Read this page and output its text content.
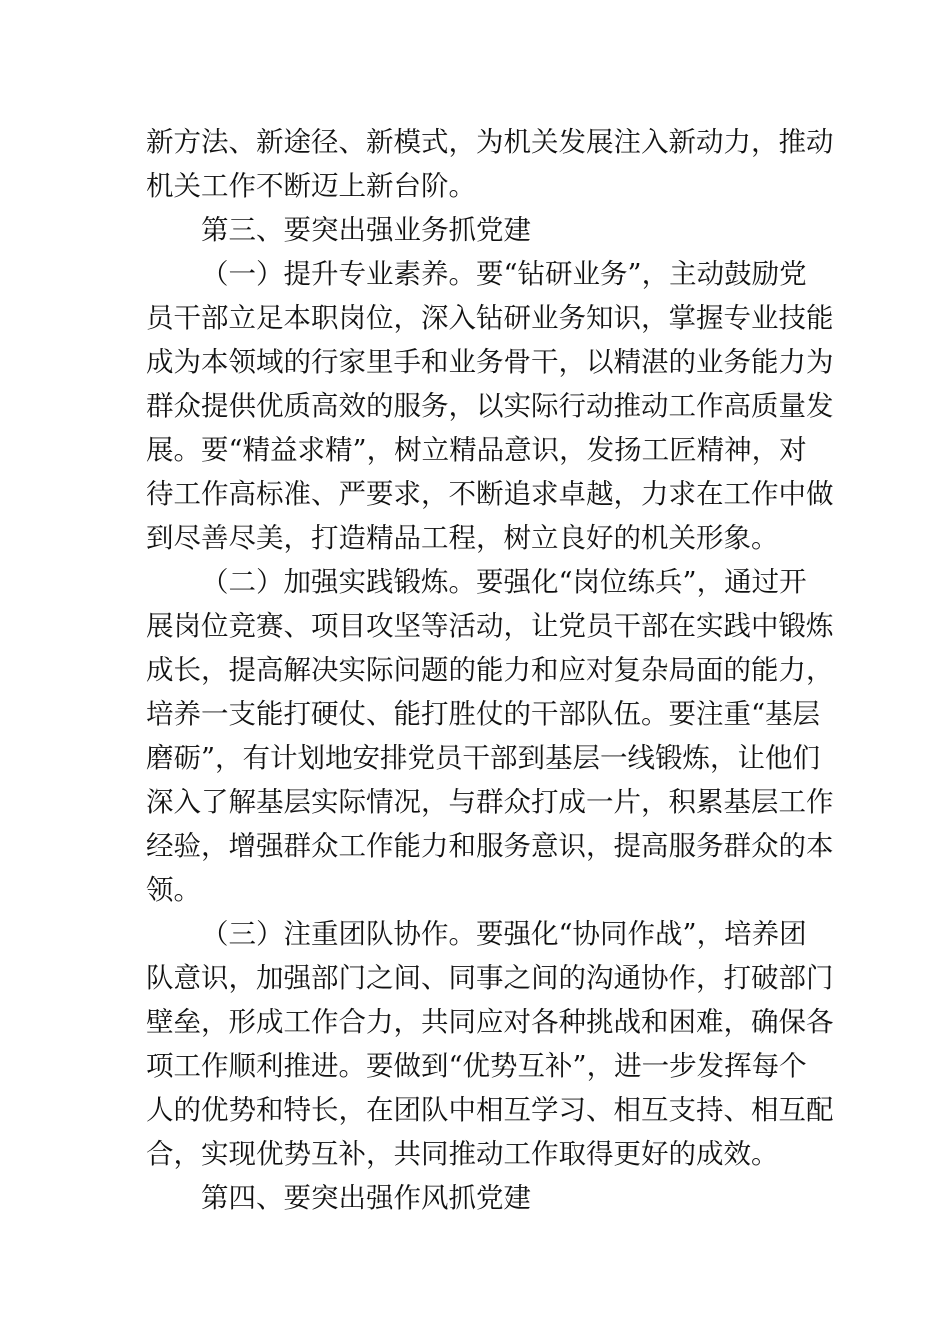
新方法、新途径、新模式，为机关发展注入新动力，推动
机关工作不断迈上新台阶。
第三、要突出强业务抓党建
（一）提升专业素养。要“钻研业务”，主动鼓励党
员干部立足本职岗位，深入钻研业务知识，掌握专业技能
成为本领域的行家里手和业务骨干，以精湛的业务能力为
群众提供优质高效的服务，以实际行动推动工作高质量发
展。要“精益求精”，树立精品意识，发扬工匠精神，对
待工作高标准、严要求，不断追求卓越，力求在工作中做
到尽善尽美，打造精品工程，树立良好的机关形象。
（二）加强实践锻炼。要强化“岗位练兵”，通过开
展岗位竞赛、项目攻坚等活动，让党员干部在实践中锻炼
成长，提高解决实际问题的能力和应对复杂局面的能力，
培养一支能打硬仗、能打胜仗的干部队伍。要注重“基层
磨砺”，有计划地安排党员干部到基层一线锻炼，让他们
深入了解基层实际情况，与群众打成一片，积累基层工作
经验，增强群众工作能力和服务意识，提高服务群众的本
领。
（三）注重团队协作。要强化“协同作战”，培养团
队意识，加强部门之间、同事之间的沟通协作，打破部门
壁垒，形成工作合力，共同应对各种挑战和困难，确保各
项工作顺利推进。要做到“优势互补”，进一步发挥每个
人的优势和特长，在团队中相互学习、相互支持、相互配
合，实现优势互补，共同推动工作取得更好的成效。
第四、要突出强作风抓党建
